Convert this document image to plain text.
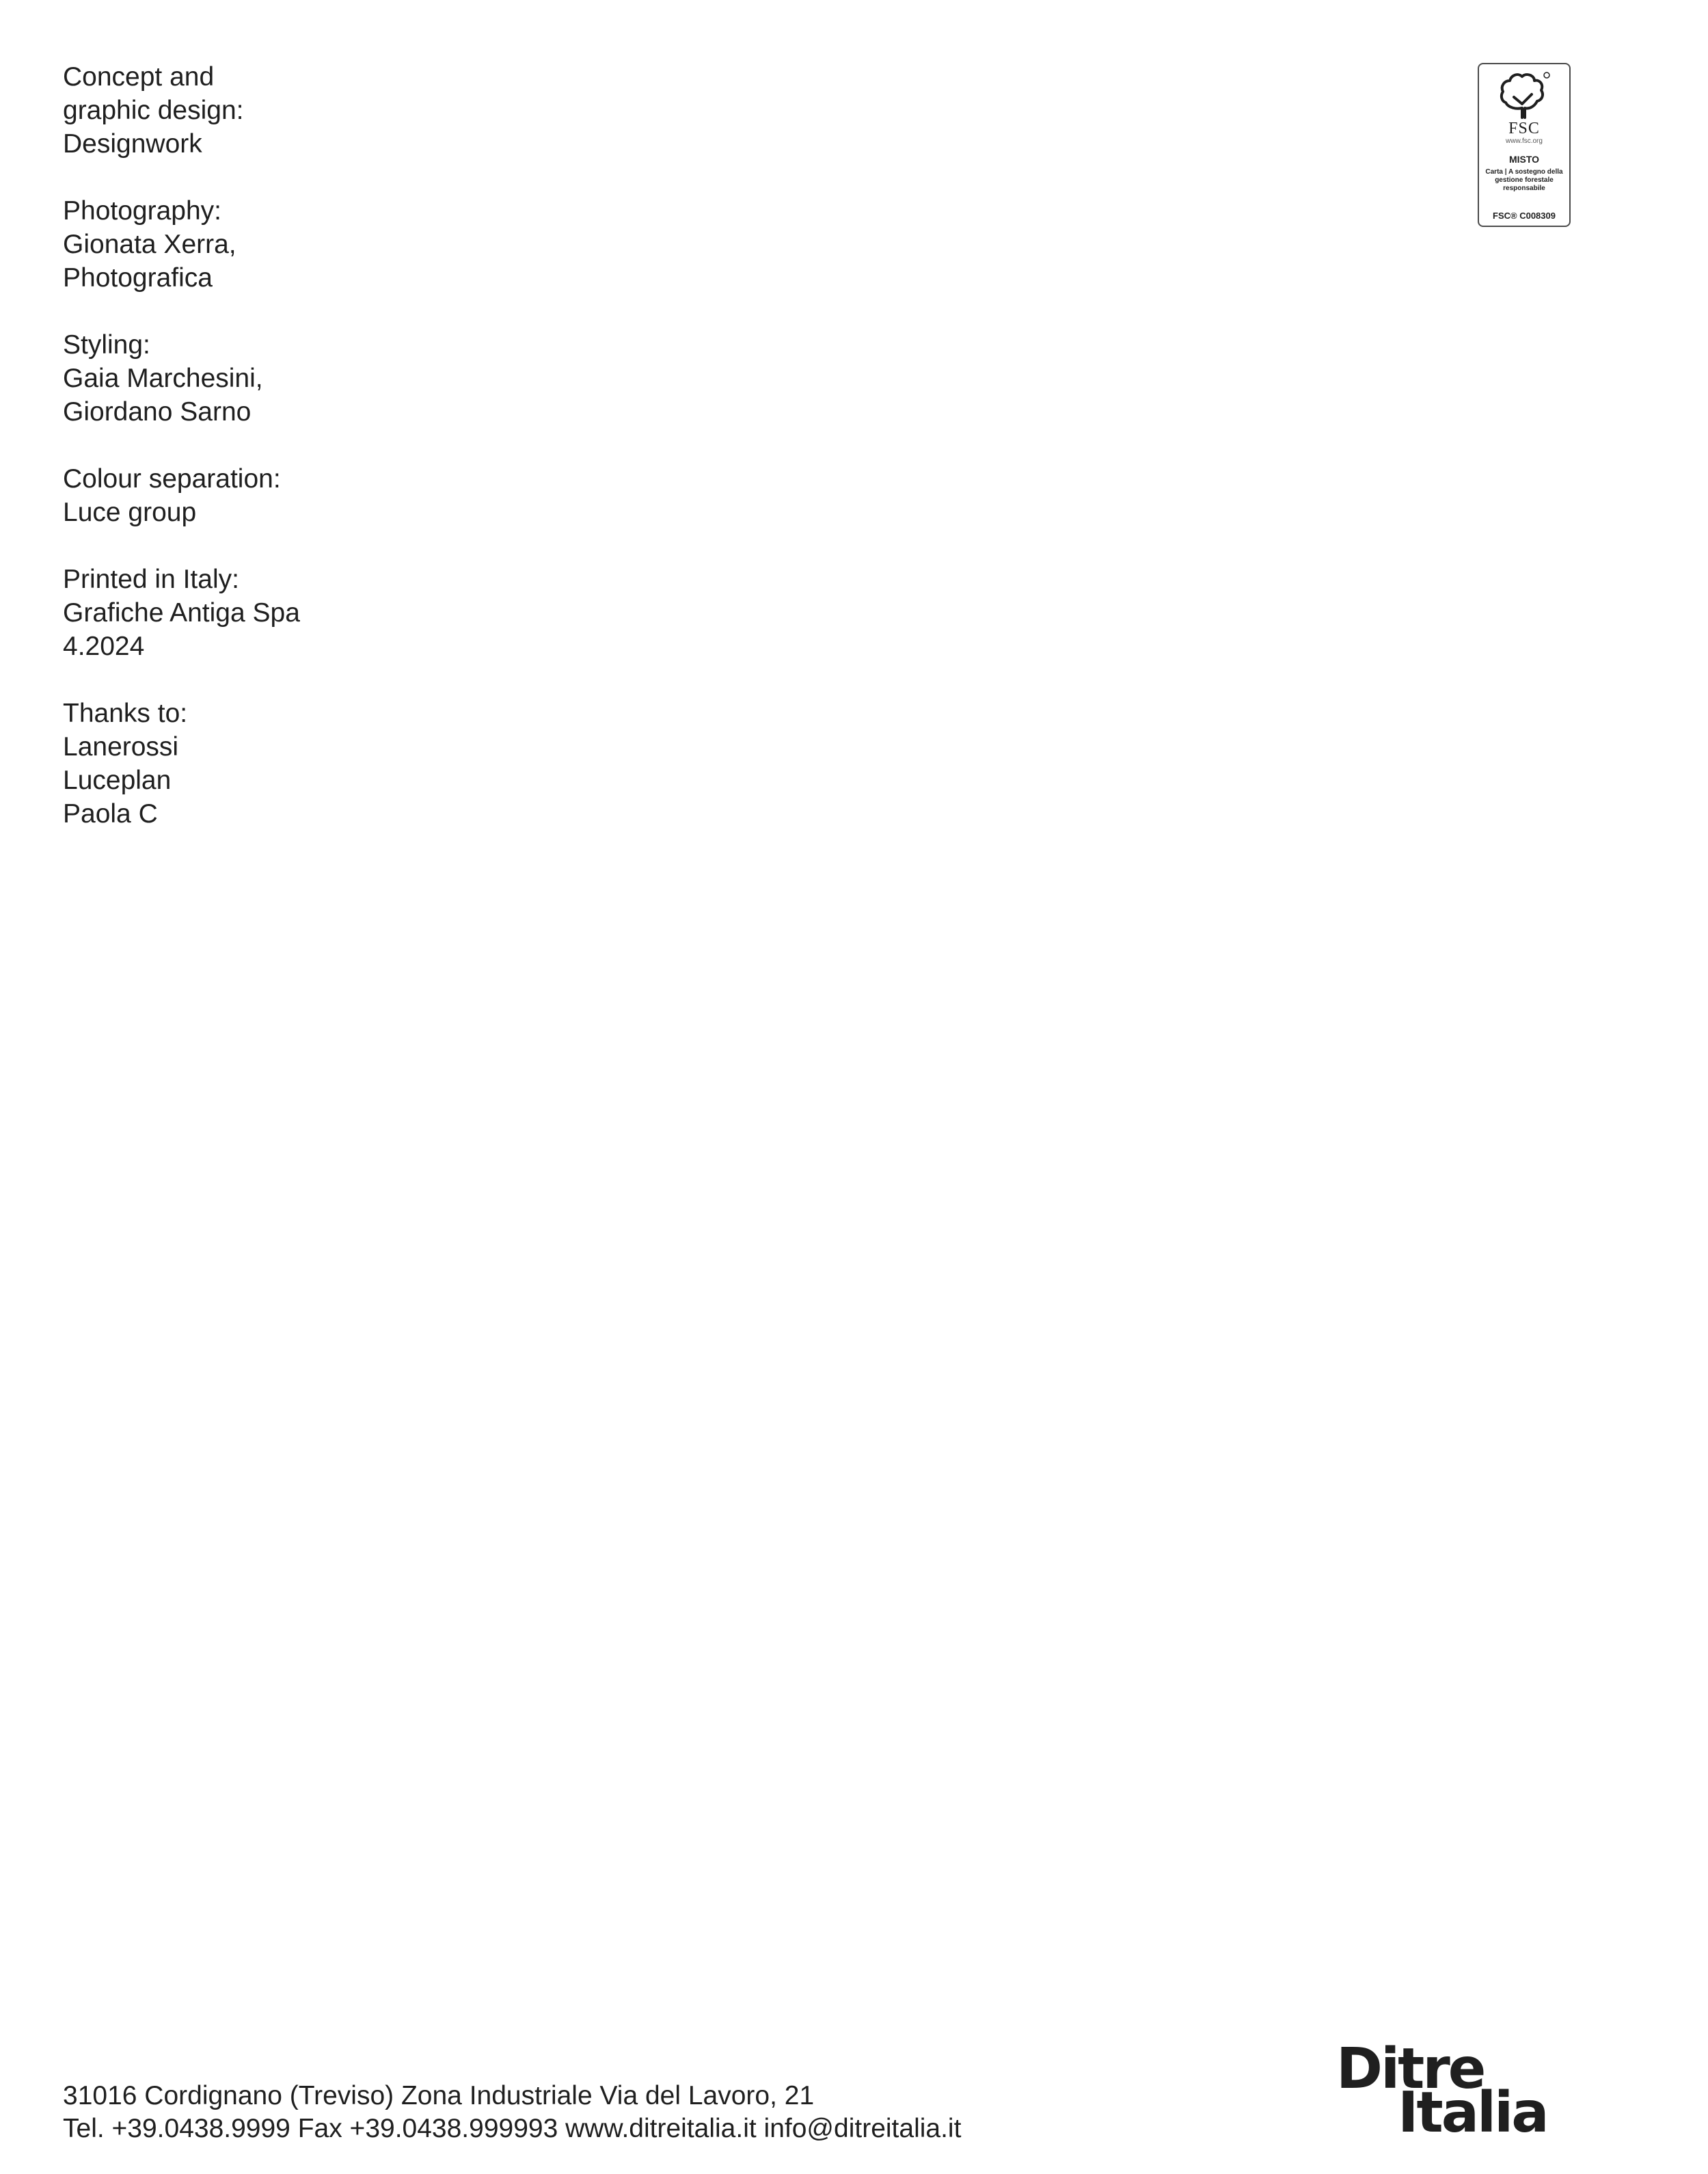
Concept and
graphic design:
Designwork
Photography:
Gionata Xerra,
Photografica
Styling:
Gaia Marchesini,
Giordano Sarno
Colour separation:
Luce group
Printed in Italy:
Grafiche Antiga Spa
4.2024
Thanks to:
Lanerossi
Luceplan
Paola C
FSC
www.fsc.org
MISTO
Carta | A sostegno della gestione forestale responsabile
FSC® C008309
31016 Cordignano (Treviso) Zona Industriale Via del Lavoro, 21
Tel. +39.0438.9999 Fax +39.0438.999993 www.ditreitalia.it info@ditreitalia.it
Ditre
Italia
